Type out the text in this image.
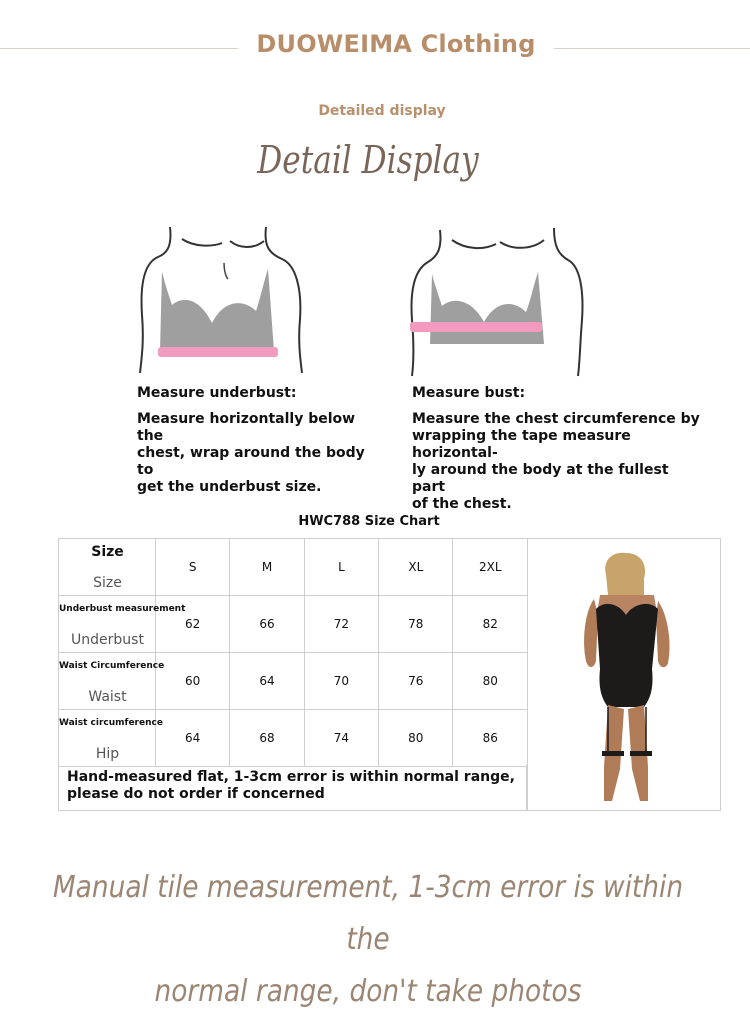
DUOWEIMA Clothing
Detailed display
Detail Display
Measure underbust:
Measure horizontally below the
chest, wrap around the body to
get the underbust size.
Measure bust:
Measure the chest circumference by
wrapping the tape measure horizontal-
ly around the body at the fullest part
of the chest.
HWC788 Size Chart
Size
Size	S	M	L	XL	2XL

Underbust measurement
Underbust	62	66	72	78	82

Waist Circumference
Waist	60	64	70	76	80

Waist circumference
Hip	64	68	74	80	86
Hand-measured flat, 1-3cm error is within normal range, please do not order if concerned
Manual tile measurement, 1-3cm error is within the
normal range, don't take photos
